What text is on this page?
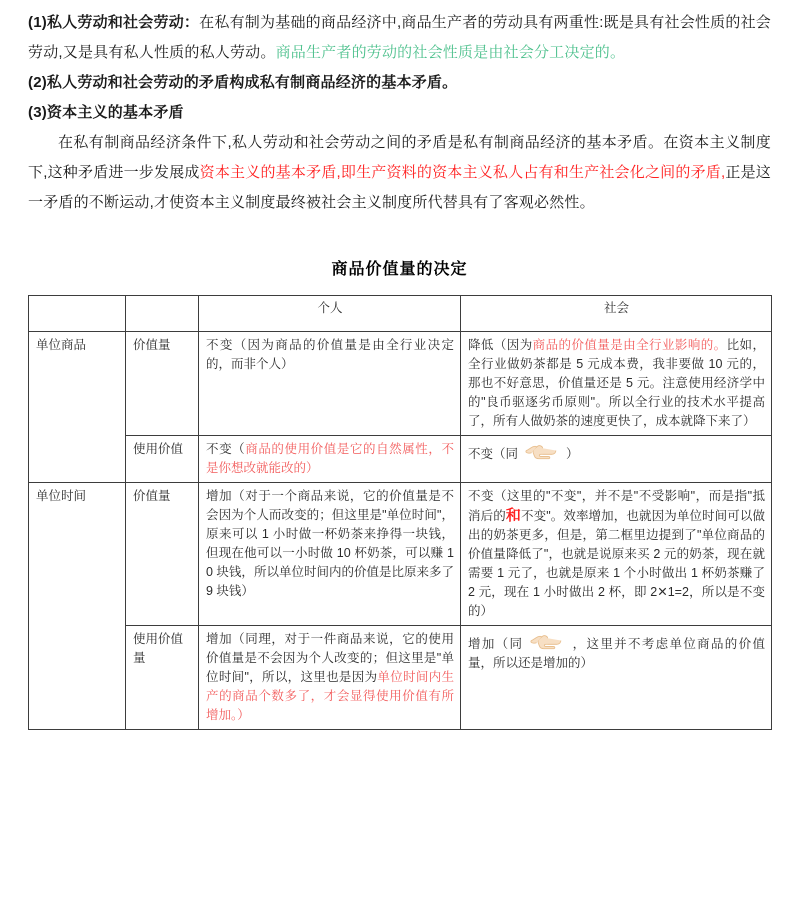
(1)私人劳动和社会劳动：在私有制为基础的商品经济中,商品生产者的劳动具有两重性:既是具有社会性质的社会劳动,又是具有私人性质的私人劳动。商品生产者的劳动的社会性质是由社会分工决定的。

(2)私人劳动和社会劳动的矛盾构成私有制商品经济的基本矛盾。

(3)资本主义的基本矛盾

在私有制商品经济条件下,私人劳动和社会劳动之间的矛盾是私有制商品经济的基本矛盾。在资本主义制度下,这种矛盾进一步发展成资本主义的基本矛盾,即生产资料的资本主义私人占有和生产社会化之间的矛盾,正是这一矛盾的不断运动,才使资本主义制度最终被社会主义制度所代替具有了客观必然性。

商品价值量的决定
		个人	社会
单位商品	价值量	不变（因为商品的价值量是由全行业决定的，而非个人）	降低（因为商品的价值量是由全行业影响的。比如，全行业做奶茶都是 5 元成本费，我非要做 10 元的，那也不好意思，价值量还是 5 元。注意使用经济学中的"良币驱逐劣币原则"。所以全行业的技术水平提高了，所有人做奶茶的速度更快了，成本就降下来了）

	使用价值	不变（商品的使用价值是它的自然属性，不是你想改就能改的）	不变（同 ）

单位时间	价值量	增加（对于一个商品来说，它的价值量是不会因为个人而改变的；但这里是"单位时间"，原来可以 1 小时做一杯奶茶来挣得一块钱，但现在他可以一小时做 10 杯奶茶，可以赚 10 块钱，所以单位时间内的价值是比原来多了 9 块钱）	不变（这里的"不变"，并不是"不受影响"，而是指"抵消后的和不变"。效率增加，也就因为单位时间可以做出的奶茶更多，但是，第二框里边提到了"单位商品的价值量降低了"，也就是说原来买 2 元的奶茶，现在就需要 1 元了，也就是原来 1 个小时做出 1 杯奶茶赚了 2 元，现在 1 小时做出 2 杯，即 2✕1=2，所以是不变的）

	使用价值量	增加（同理，对于一件商品来说，它的使用价值量是不会因为个人改变的；但这里是"单位时间"，所以，这里也是因为单位时间内生产的商品个数多了，才会显得使用价值有所增加。）	增加（同 ，这里并不考虑单位商品的价值量，所以还是增加的）
